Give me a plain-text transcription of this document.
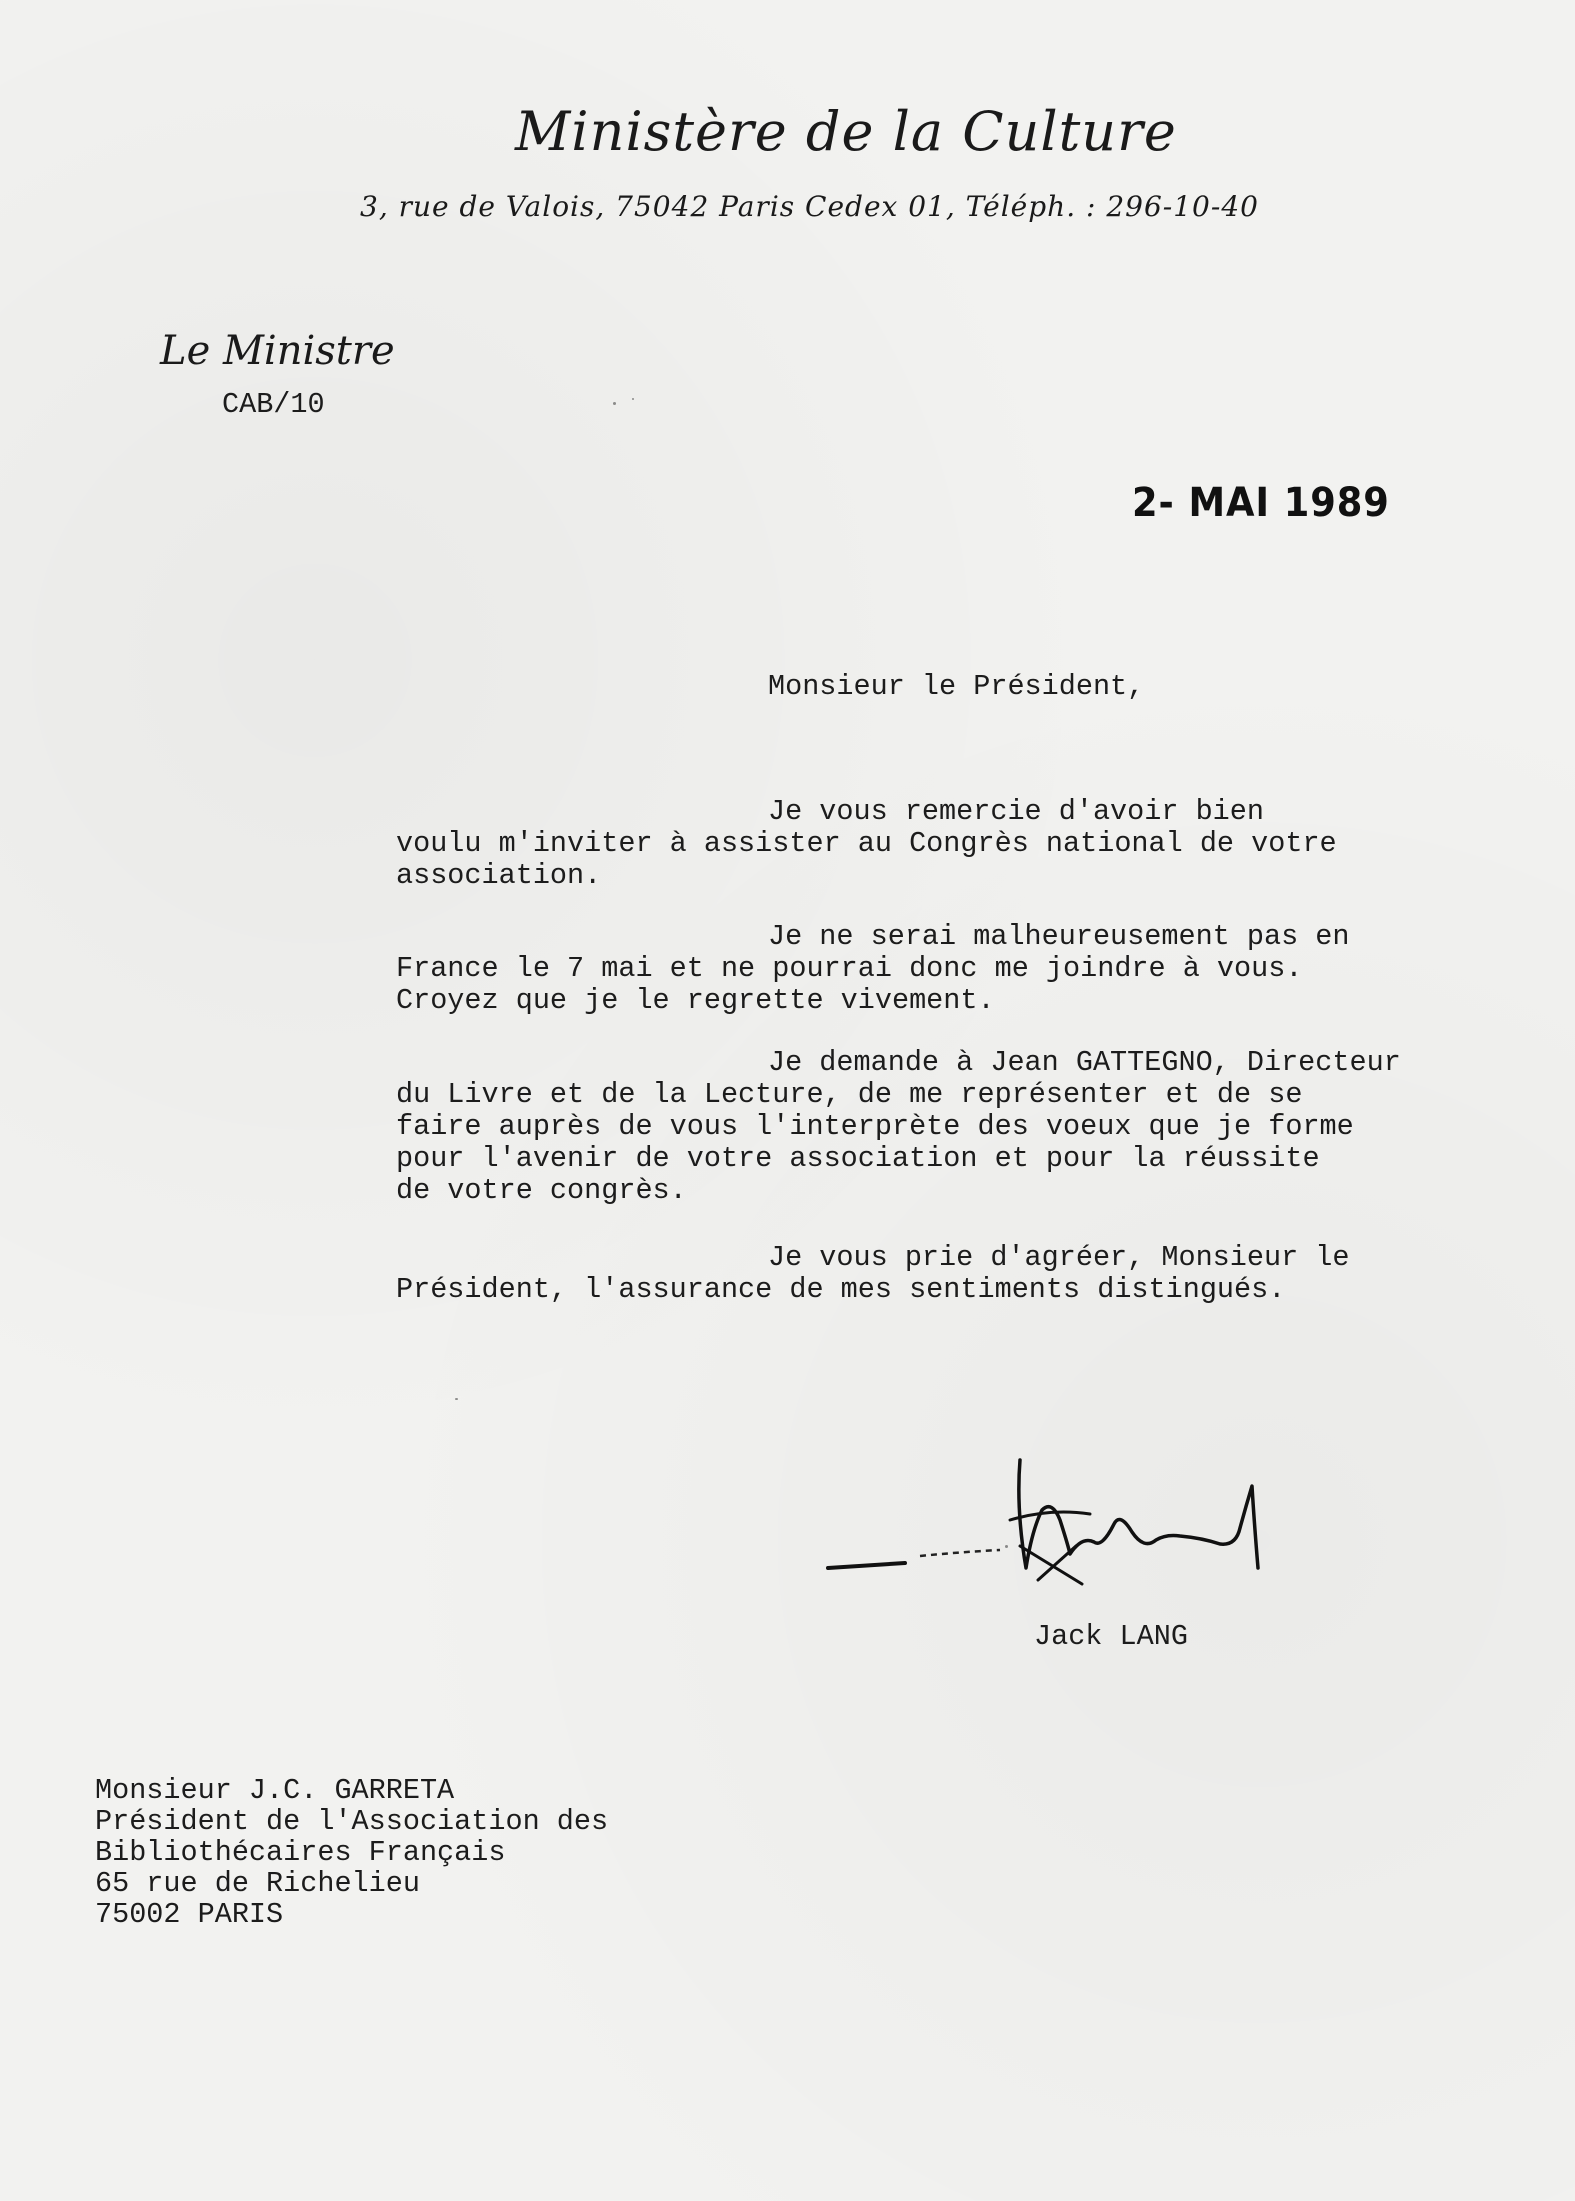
Ministère de la Culture
3, rue de Valois, 75042 Paris Cedex 01, Téléph. : 296-10-40
Le Ministre
CAB/10
2- MAI 1989
Monsieur le Président,
Je vous remercie d'avoir bien
voulu m'inviter à assister au Congrès national de votre
association.
Je ne serai malheureusement pas en
France le 7 mai et ne pourrai donc me joindre à vous.
Croyez que je le regrette vivement.
Je demande à Jean GATTEGNO, Directeur
du Livre et de la Lecture, de me représenter et de se
faire auprès de vous l'interprète des voeux que je forme
pour l'avenir de votre association et pour la réussite
de votre congrès.
Je vous prie d'agréer, Monsieur le
Président, l'assurance de mes sentiments distingués.
Jack LANG
Monsieur J.C. GARRETA
Président de l'Association des
Bibliothécaires Français
65 rue de Richelieu
75002 PARIS
